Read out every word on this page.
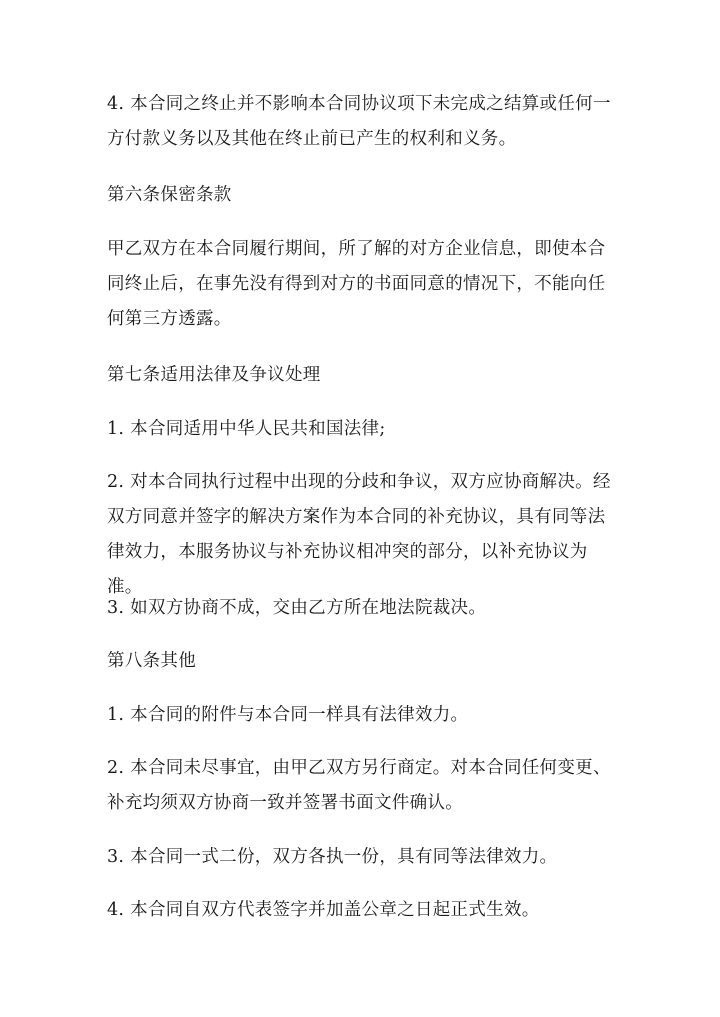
4. 本合同之终止并不影响本合同协议项下未完成之结算或任何一方付款义务以及其他在终止前已产生的权利和义务。

第六条保密条款

甲乙双方在本合同履行期间，所了解的对方企业信息，即使本合同终止后，在事先没有得到对方的书面同意的情况下，不能向任何第三方透露。

第七条适用法律及争议处理

1. 本合同适用中华人民共和国法律;

2. 对本合同执行过程中出现的分歧和争议，双方应协商解决。经双方同意并签字的解决方案作为本合同的补充协议，具有同等法律效力，本服务协议与补充协议相冲突的部分，以补充协议为准。

3. 如双方协商不成，交由乙方所在地法院裁决。

第八条其他

1. 本合同的附件与本合同一样具有法律效力。

2. 本合同未尽事宜，由甲乙双方另行商定。对本合同任何变更、补充均须双方协商一致并签署书面文件确认。

3. 本合同一式二份，双方各执一份，具有同等法律效力。

4. 本合同自双方代表签字并加盖公章之日起正式生效。
